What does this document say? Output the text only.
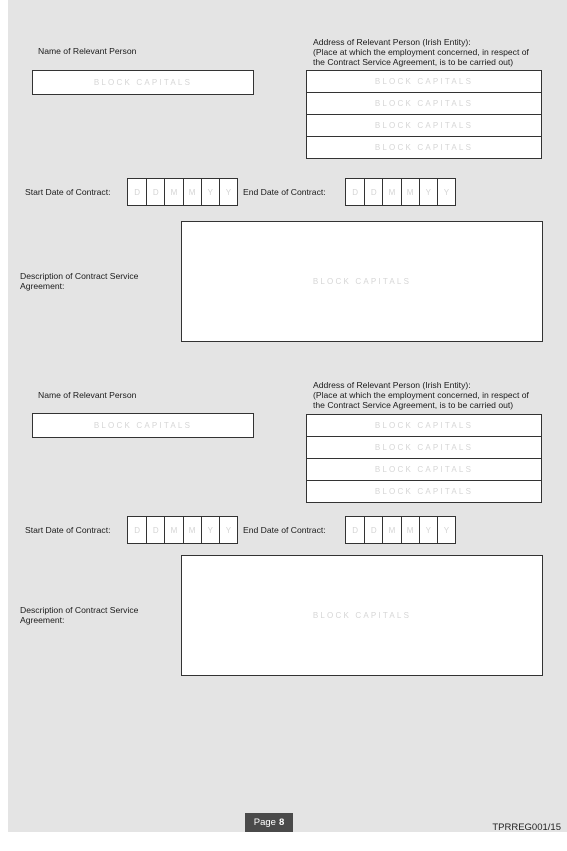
Name of Relevant Person
BLOCK CAPITALS
Address of Relevant Person (Irish Entity):
(Place at which the employment concerned, in respect of
the Contract Service Agreement, is to be carried out)
BLOCK CAPITALS
BLOCK CAPITALS
BLOCK CAPITALS
BLOCK CAPITALS
Start Date of Contract:	D	D	M	M	Y	Y	End Date of Contract:	D	D	M	M	Y	Y
Description of Contract Service
Agreement:	BLOCK CAPITALS
Name of Relevant Person
BLOCK CAPITALS
Address of Relevant Person (Irish Entity):
(Place at which the employment concerned, in respect of
the Contract Service Agreement, is to be carried out)
BLOCK CAPITALS
BLOCK CAPITALS
BLOCK CAPITALS
BLOCK CAPITALS
Start Date of Contract:	D	D	M	M	Y	Y	End Date of Contract:	D	D	M	M	Y	Y
Description of Contract Service
Agreement:	BLOCK CAPITALS
Page 8	TPRREG001/15
